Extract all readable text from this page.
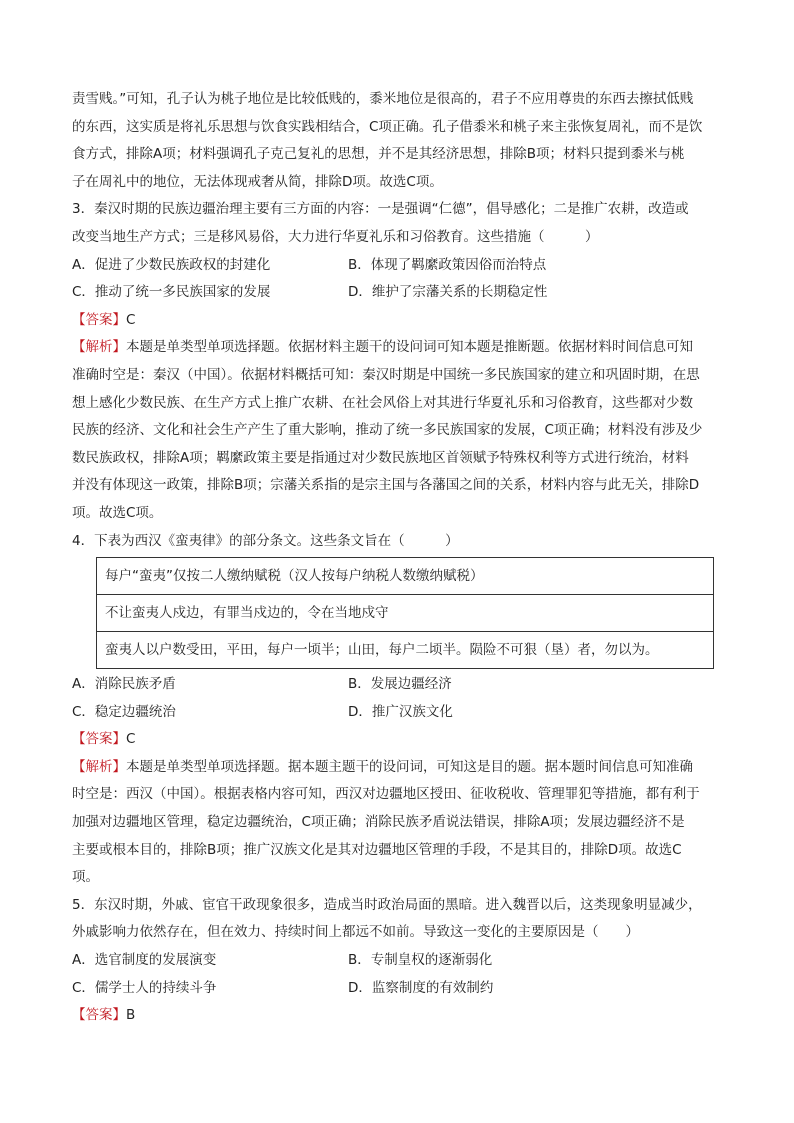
责雪贱。”可知，孔子认为桃子地位是比较低贱的，黍米地位是很高的，君子不应用尊贵的东西去擦拭低贱

的东西，这实质是将礼乐思想与饮食实践相结合，C项正确。孔子借黍米和桃子来主张恢复周礼，而不是饮

食方式，排除A项；材料强调孔子克己复礼的思想，并不是其经济思想，排除B项；材料只提到黍米与桃

子在周礼中的地位，无法体现戒奢从简，排除D项。故选C项。

3．秦汉时期的民族边疆治理主要有三方面的内容：一是强调“仁德”，倡导感化；二是推广农耕，改造或

改变当地生产方式；三是移风易俗，大力进行华夏礼乐和习俗教育。这些措施（　　　）

A．促进了少数民族政权的封建化	B．体现了羁縻政策因俗而治特点
C．推动了统一多民族国家的发展	D．维护了宗藩关系的长期稳定性
【答案】C

【解析】本题是单类型单项选择题。依据材料主题干的设问词可知本题是推断题。依据材料时间信息可知

准确时空是：秦汉（中国）。依据材料概括可知：秦汉时期是中国统一多民族国家的建立和巩固时期，在思

想上感化少数民族、在生产方式上推广农耕、在社会风俗上对其进行华夏礼乐和习俗教育，这些都对少数

民族的经济、文化和社会生产产生了重大影响，推动了统一多民族国家的发展，C项正确；材料没有涉及少

数民族政权，排除A项；羁縻政策主要是指通过对少数民族地区首领赋予特殊权利等方式进行统治，材料

并没有体现这一政策，排除B项；宗藩关系指的是宗主国与各藩国之间的关系，材料内容与此无关，排除D

项。故选C项。

4．下表为西汉《蛮夷律》的部分条文。这些条文旨在（　　　）

每户“蛮夷”仅按二人缴纳赋税（汉人按每户纳税人数缴纳赋税）
不让蛮夷人戍边，有罪当戍边的，令在当地戍守
蛮夷人以户数受田，平田，每户一顷半；山田，每户二顷半。陨险不可狠（垦）者，勿以为。
A．消除民族矛盾	B．发展边疆经济
C．稳定边疆统治	D．推广汉族文化
【答案】C

【解析】本题是单类型单项选择题。据本题主题干的设问词，可知这是目的题。据本题时间信息可知准确

时空是：西汉（中国）。根据表格内容可知，西汉对边疆地区授田、征收税收、管理罪犯等措施，都有利于

加强对边疆地区管理，稳定边疆统治，C项正确；消除民族矛盾说法错误，排除A项；发展边疆经济不是

主要或根本目的，排除B项；推广汉族文化是其对边疆地区管理的手段，不是其目的，排除D项。故选C

项。

5．东汉时期，外戚、宦官干政现象很多，造成当时政治局面的黑暗。进入魏晋以后，这类现象明显减少，

外戚影响力依然存在，但在效力、持续时间上都远不如前。导致这一变化的主要原因是（　　）

A．选官制度的发展演变	B．专制皇权的逐渐弱化
C．儒学士人的持续斗争	D．监察制度的有效制约
【答案】B
